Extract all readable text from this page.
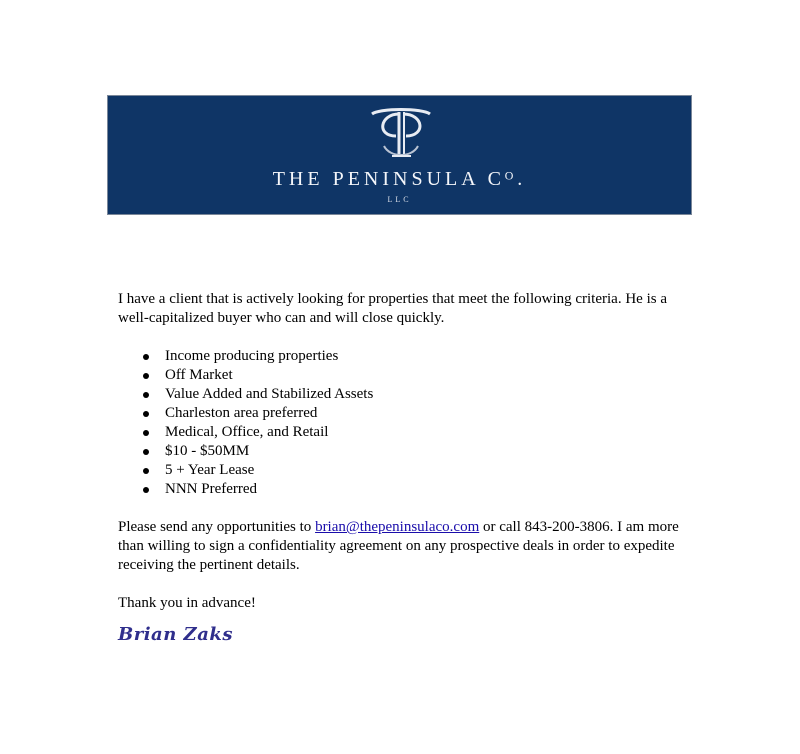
THE PENINSULA Cᴼ.
LLC

I have a client that is actively looking for properties that meet the following criteria. He is a well-capitalized buyer who can and will close quickly.

Income producing properties
Off Market
Value Added and Stabilized Assets
Charleston area preferred
Medical, Office, and Retail
$10 - $50MM
5 + Year Lease
NNN Preferred

Please send any opportunities to brian@thepeninsulaco.com or call 843-200-3806. I am more than willing to sign a confidentiality agreement on any prospective deals in order to expedite receiving the pertinent details.

Thank you in advance!

Brian Zaks
